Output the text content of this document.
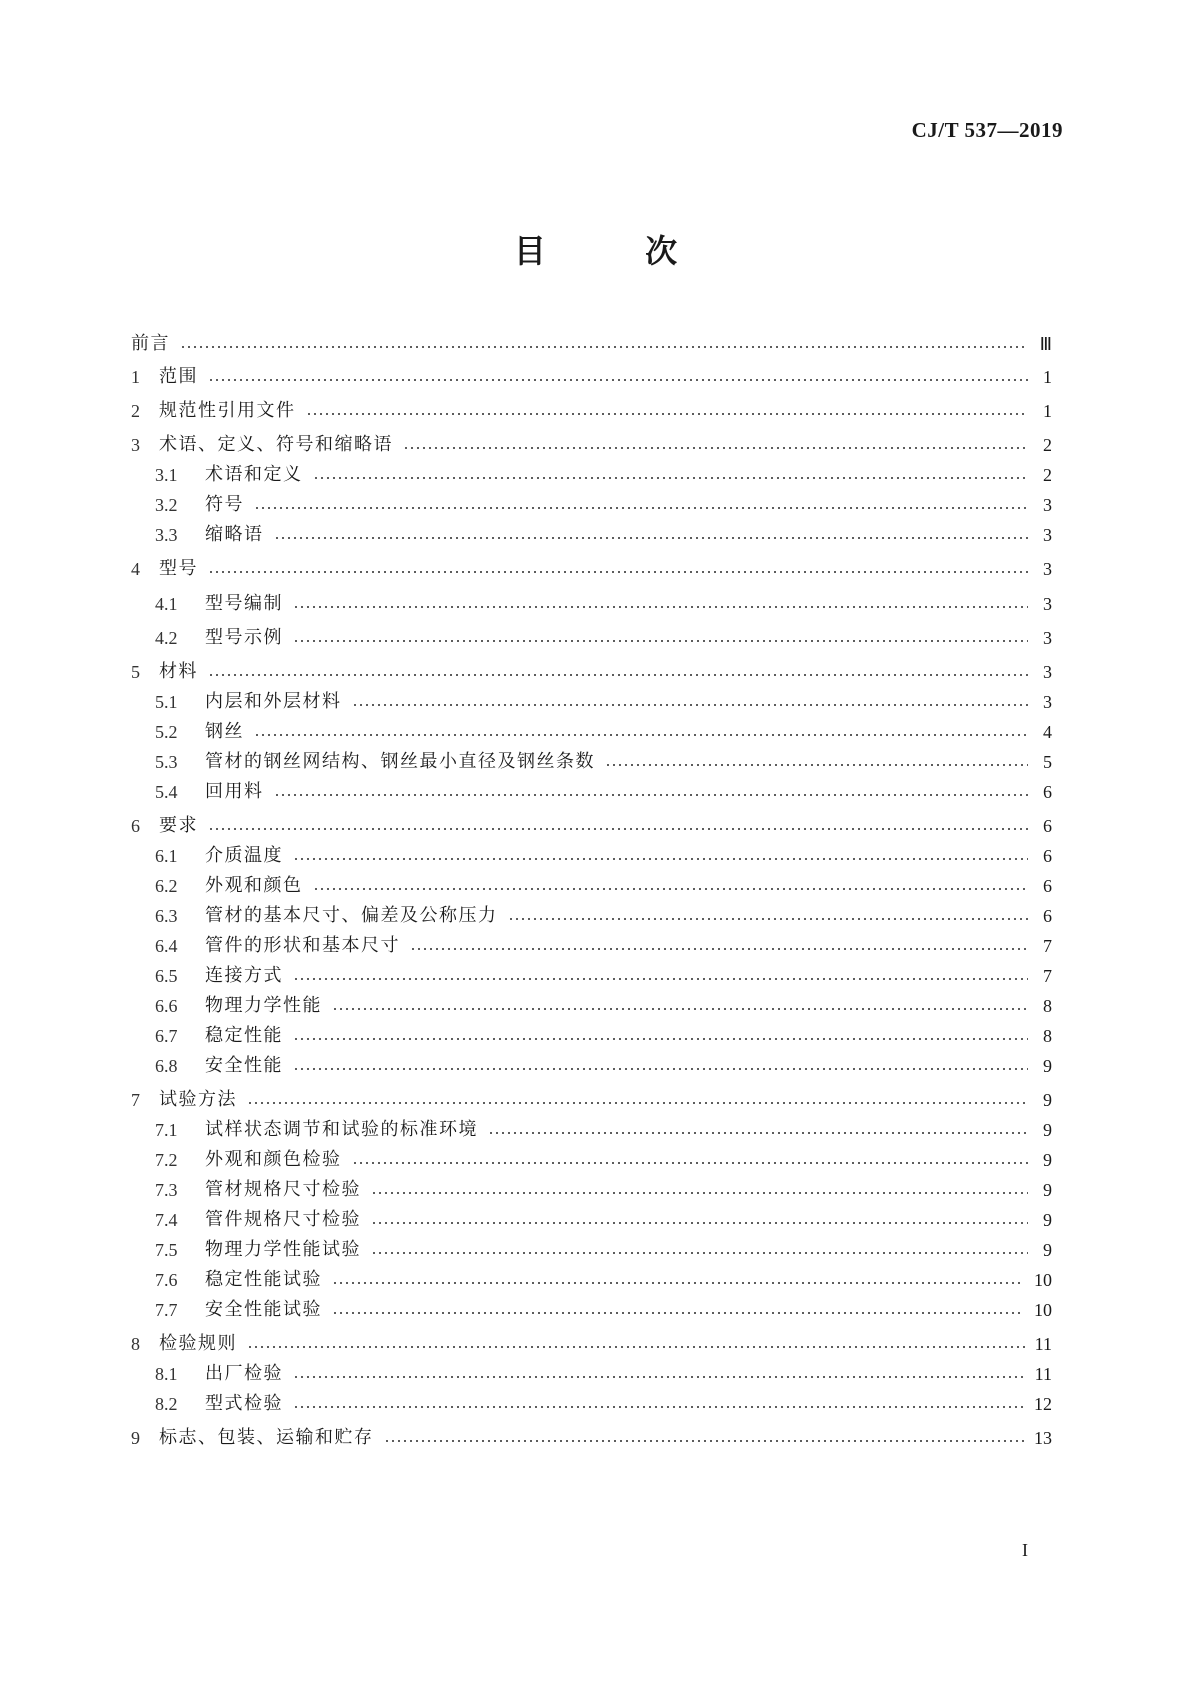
CJ/T 537—2019
目 次
前言	Ⅲ
1	范围	1
2	规范性引用文件	1
3	术语、定义、符号和缩略语	2
3.1	术语和定义	2
3.2	符号	3
3.3	缩略语	3
4	型号	3
4.1	型号编制	3
4.2	型号示例	3
5	材料	3
5.1	内层和外层材料	3
5.2	钢丝	4
5.3	管材的钢丝网结构、钢丝最小直径及钢丝条数	5
5.4	回用料	6
6	要求	6
6.1	介质温度	6
6.2	外观和颜色	6
6.3	管材的基本尺寸、偏差及公称压力	6
6.4	管件的形状和基本尺寸	7
6.5	连接方式	7
6.6	物理力学性能	8
6.7	稳定性能	8
6.8	安全性能	9
7	试验方法	9
7.1	试样状态调节和试验的标准环境	9
7.2	外观和颜色检验	9
7.3	管材规格尺寸检验	9
7.4	管件规格尺寸检验	9
7.5	物理力学性能试验	9
7.6	稳定性能试验	10
7.7	安全性能试验	10
8	检验规则	11
8.1	出厂检验	11
8.2	型式检验	12
9	标志、包装、运输和贮存	13
I
